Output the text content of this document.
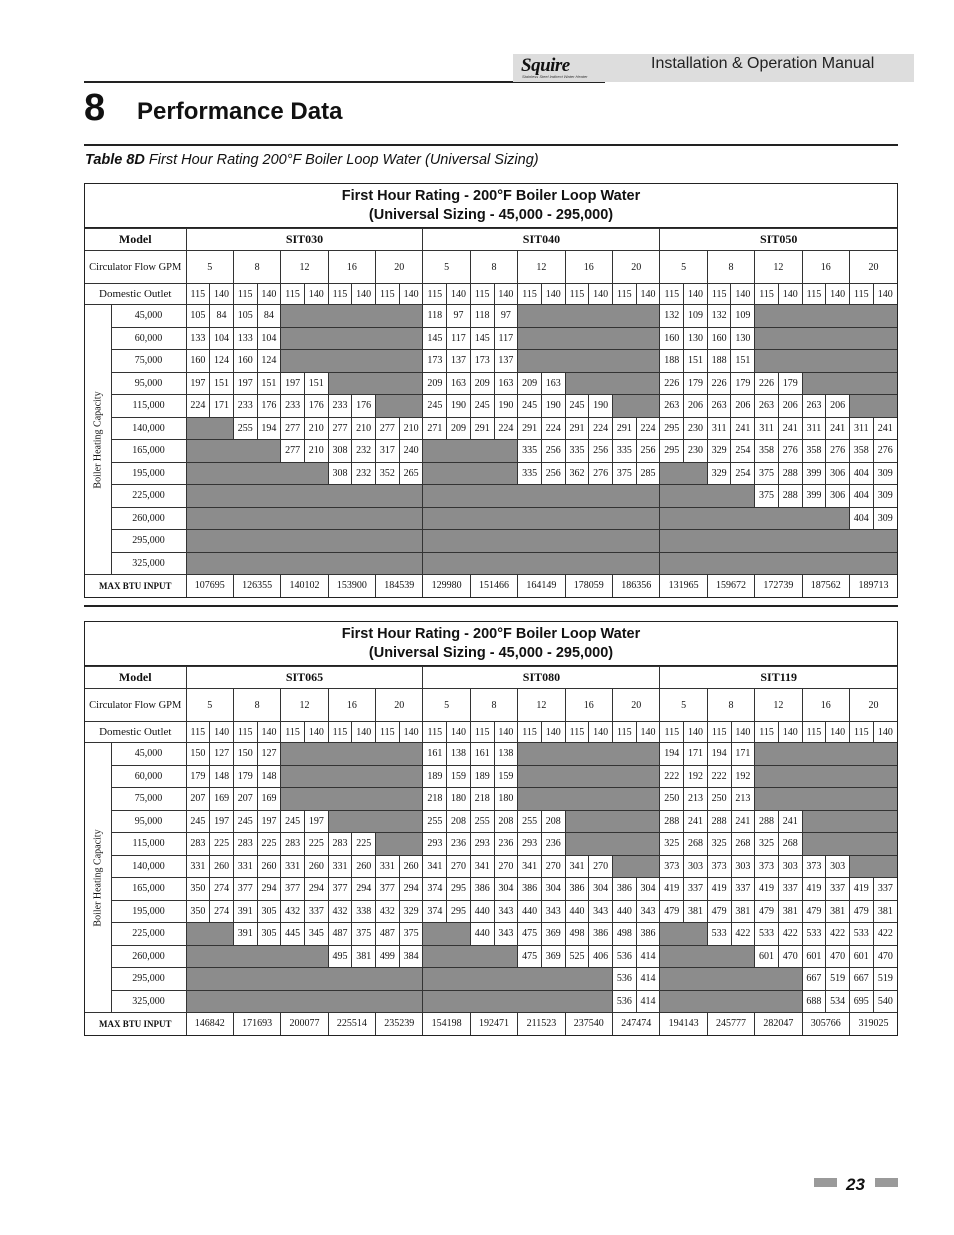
Squire
Stainless Steel Indirect Water Heater
Installation & Operation Manual
8 Performance Data
Table 8D First Hour Rating 200°F Boiler Loop Water (Universal Sizing)
First Hour Rating - 200°F Boiler Loop Water
(Universal Sizing - 45,000 - 295,000)
Model		SIT030										SIT040										SIT050									
Circulator Flow GPM		5		8		12		16		20		5		8		12		16		20		5		8		12		16		20	
Domestic Outlet		115	140	115	140	115	140	115	140	115	140	115	140	115	140	115	140	115	140	115	140	115	140	115	140	115	140	115	140	115	140

Boiler Heating Capacity	45,000	105	84	105	84							118	97	118	97							132	109	132	109						
	60,000	133	104	133	104							145	117	145	117							160	130	160	130						
	75,000	160	124	160	124							173	137	173	137							188	151	188	151						
	95,000	197	151	197	151	197	151					209	163	209	163	209	163					226	179	226	179	226	179				
	115,000	224	171	233	176	233	176	233	176			245	190	245	190	245	190	245	190			263	206	263	206	263	206	263	206		
	140,000			255	194	277	210	277	210	277	210	271	209	291	224	291	224	291	224	291	224	295	230	311	241	311	241	311	241	311	241
	165,000					277	210	308	232	317	240					335	256	335	256	335	256	295	230	329	254	358	276	358	276	358	276
	195,000							308	232	352	265					335	256	362	276	375	285			329	254	375	288	399	306	404	309
	225,000																									375	288	399	306	404	309
	260,000																													404	309
	295,000																														
	325,000																														
MAX BTU INPUT		107695		126355		140102		153900		184539		129980		151466		164149		178059		186356		131965		159672		172739		187562		189713	
First Hour Rating - 200°F Boiler Loop Water
(Universal Sizing - 45,000 - 295,000)
Model		SIT065										SIT080										SIT119									
Circulator Flow GPM		5		8		12		16		20		5		8		12		16		20		5		8		12		16		20	
Domestic Outlet		115	140	115	140	115	140	115	140	115	140	115	140	115	140	115	140	115	140	115	140	115	140	115	140	115	140	115	140	115	140

Boiler Heating Capacity	45,000	150	127	150	127							161	138	161	138							194	171	194	171						
	60,000	179	148	179	148							189	159	189	159							222	192	222	192						
	75,000	207	169	207	169							218	180	218	180							250	213	250	213						
	95,000	245	197	245	197	245	197					255	208	255	208	255	208					288	241	288	241	288	241				
	115,000	283	225	283	225	283	225	283	225			293	236	293	236	293	236					325	268	325	268	325	268				
	140,000	331	260	331	260	331	260	331	260	331	260	341	270	341	270	341	270	341	270			373	303	373	303	373	303	373	303		
	165,000	350	274	377	294	377	294	377	294	377	294	374	295	386	304	386	304	386	304	386	304	419	337	419	337	419	337	419	337	419	337
	195,000	350	274	391	305	432	337	432	338	432	329	374	295	440	343	440	343	440	343	440	343	479	381	479	381	479	381	479	381	479	381
	225,000			391	305	445	345	487	375	487	375			440	343	475	369	498	386	498	386			533	422	533	422	533	422	533	422
	260,000							495	381	499	384					475	369	525	406	536	414					601	470	601	470	601	470
	295,000																			536	414							667	519	667	519
	325,000																			536	414							688	534	695	540
MAX BTU INPUT		146842		171693		200077		225514		235239		154198		192471		211523		237540		247474		194143		245777		282047		305766		319025	
23
